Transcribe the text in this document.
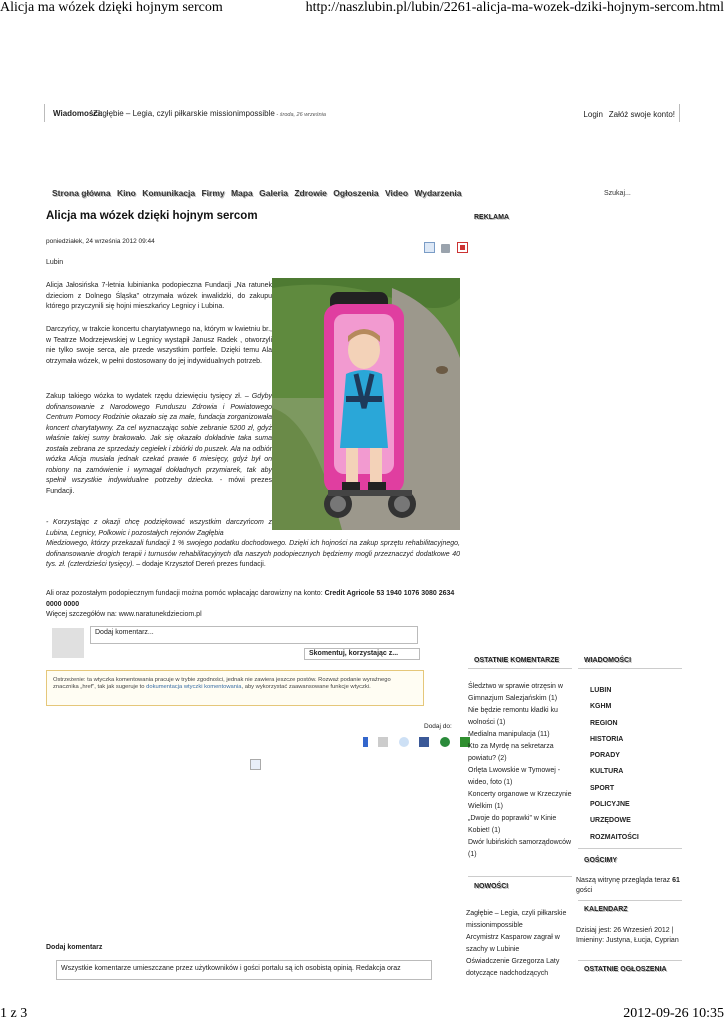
Alicja ma wózek dzięki hojnym sercom	http://naszlubin.pl/lubin/2261-alicja-ma-wozek-dziki-hojnym-sercom.html
1 z 3	2012-09-26 10:35
Wiadomości:
Zagłębie – Legia, czyli piłkarskie missionimpossible - środa, 26 września	Login Załóż swoje konto!
Strona główna Kino Komunikacja Firmy Mapa Galeria Zdrowie Ogłoszenia Video Wydarzenia	Szukaj...
Alicja ma wózek dzięki hojnym sercom	REKLAMA
poniedziałek, 24 września 2012 09:44

Lubin
Alicja Jałosińska 7-letnia lubinianka podopieczna Fundacji „Na ratunek dzieciom z Dolnego Śląska” otrzymała wózek inwalidzki, do zakupu którego przyczynili się hojni mieszkańcy Legnicy i Lubina.
Darczyńcy, w trakcie koncertu charytatywnego na, którym w kwietniu br., w Teatrze Modrzejewskiej w Legnicy wystąpił Janusz Radek , otworzyli nie tylko swoje serca, ale przede wszystkim portfele. Dzięki temu Ala otrzymała wózek, w pełni dostosowany do jej indywidualnych potrzeb.
Zakup takiego wózka to wydatek rzędu dziewięciu tysięcy zł. – Gdyby dofinansowanie z Narodowego Funduszu Zdrowia i Powiatowego Centrum Pomocy Rodzinie okazało się za małe, fundacja zorganizowała koncert charytatywny. Za cel wyznaczając sobie zebranie 5200 zł, gdyż właśnie takiej sumy brakowało. Jak się okazało dokładnie taka suma została zebrana ze sprzedaży cegiełek i zbiórki do puszek. Ala na odbiór wózka Alicja musiała jednak czekać prawie 6 miesięcy, gdyż był on robiony na zamówienie i wymagał dokładnych przymiarek, tak aby spełnił wszystkie indywidualne potrzeby dziecka. - mówi prezes Fundacji.
- Korzystając z okazji chcę podziękować wszystkim darczyńcom z Lubina, Legnicy, Polkowic i pozostałych rejonów Zagłębia
Miedziowego, którzy przekazali fundacji 1 % swojego podatku dochodowego. Dzięki ich hojności na zakup sprzętu rehabilitacyjnego, dofinansowanie drogich terapii i turnusów rehabilitacyjnych dla naszych podopiecznych będziemy mogli przeznaczyć dodatkowe 40 tys. zł. (czterdzieści tysięcy). – dodaje Krzysztof Dereń prezes fundacji.
Ali oraz pozostałym podopiecznym fundacji można pomóc wpłacając darowizny na konto: Credit Agricole 53 1940 1076 3080 2634 0000 0000
Więcej szczegółów na: www.naratunekdzieciom.pl
Dodaj komentarz...
Skomentuj, korzystając z...
Ostrzeżenie: ta wtyczka komentowania pracuje w trybie zgodności, jednak nie zawiera jeszcze postów. Rozważ podanie wyraźnego znacznika „href”, tak jak sugeruje to dokumentacja wtyczki komentowania, aby wykorzystać zaawansowane funkcje wtyczki.
Dodaj do:

Dodaj komentarz
Wszystkie komentarze umieszczane przez użytkowników i gości portalu są ich osobistą opinią. Redakcja oraz
OSTATNIE KOMENTARZE
Śledztwo w sprawie otrzęsin w Gimnazjum Salezjańskim (1)
Nie będzie remontu kładki ku wolności (1)
Medialna manipulacja (11)
Kto za Myrdę na sekretarza powiatu? (2)
Orlęta Lwowskie w Tymowej - wideo, foto (1)
Koncerty organowe w Krzeczynie Wielkim (1)
„Dwoje do poprawki” w Kinie Kobiet! (1)
Dwór lubińskich samorządowców (1)
WIADOMOŚCI
LUBIN
KGHM
REGION
HISTORIA
PORADY
KULTURA
SPORT
POLICYJNE
URZĘDOWE
ROZMAITOŚCI
GOŚCIMY
Naszą witrynę przegląda teraz 61 gości
NOWOŚCI
Zagłębie – Legia, czyli piłkarskie missionimpossible
Arcymistrz Kasparow zagrał w szachy w Lubinie
Oświadczenie Grzegorza Laty dotyczące nadchodzących
KALENDARZ
Dzisiaj jest: 26 Wrzesień 2012 | Imieniny: Justyna, Łucja, Cyprian
OSTATNIE OGŁOSZENIA
